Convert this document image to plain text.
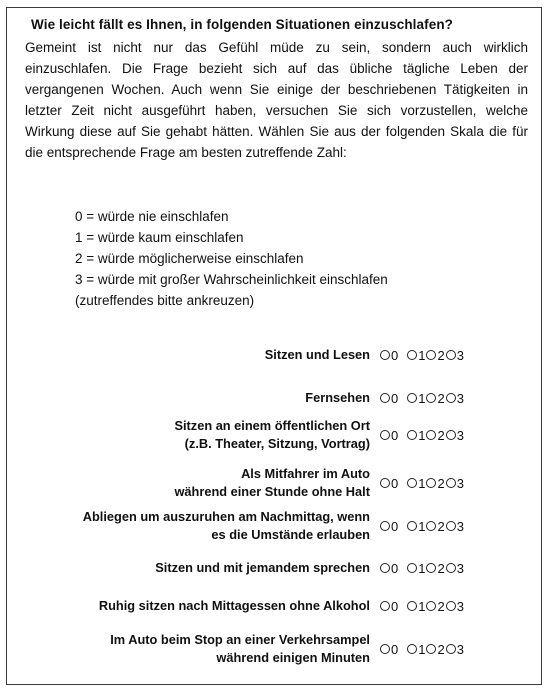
Wie leicht fällt es Ihnen, in folgenden Situationen einzuschlafen?
Gemeint ist nicht nur das Gefühl müde zu sein, sondern auch wirklich einzuschlafen. Die Frage bezieht sich auf das übliche tägliche Leben der vergangenen Wochen. Auch wenn Sie einige der beschriebenen Tätigkeiten in letzter Zeit nicht ausgeführt haben, versuchen Sie sich vorzustellen, welche Wirkung diese auf Sie gehabt hätten. Wählen Sie aus der folgenden Skala die für die entsprechende Frage am besten zutreffende Zahl:
0 = würde nie einschlafen
1 = würde kaum einschlafen
2 = würde möglicherweise einschlafen
3 = würde mit großer Wahrscheinlichkeit einschlafen
(zutreffendes bitte ankreuzen)
Sitzen und Lesen 0 1 2 3
Fernsehen 0 1 2 3
Sitzen an einem öffentlichen Ort
(z.B. Theater, Sitzung, Vortrag)
0 1 2 3
Als Mitfahrer im Auto
während einer Stunde ohne Halt
0 1 2 3
Abliegen um auszuruhen am Nachmittag, wenn
es die Umstände erlauben
0 1 2 3
Sitzen und mit jemandem sprechen 0 1 2 3
Ruhig sitzen nach Mittagessen ohne Alkohol 0 1 2 3
Im Auto beim Stop an einer Verkehrsampel
während einigen Minuten
0 1 2 3
